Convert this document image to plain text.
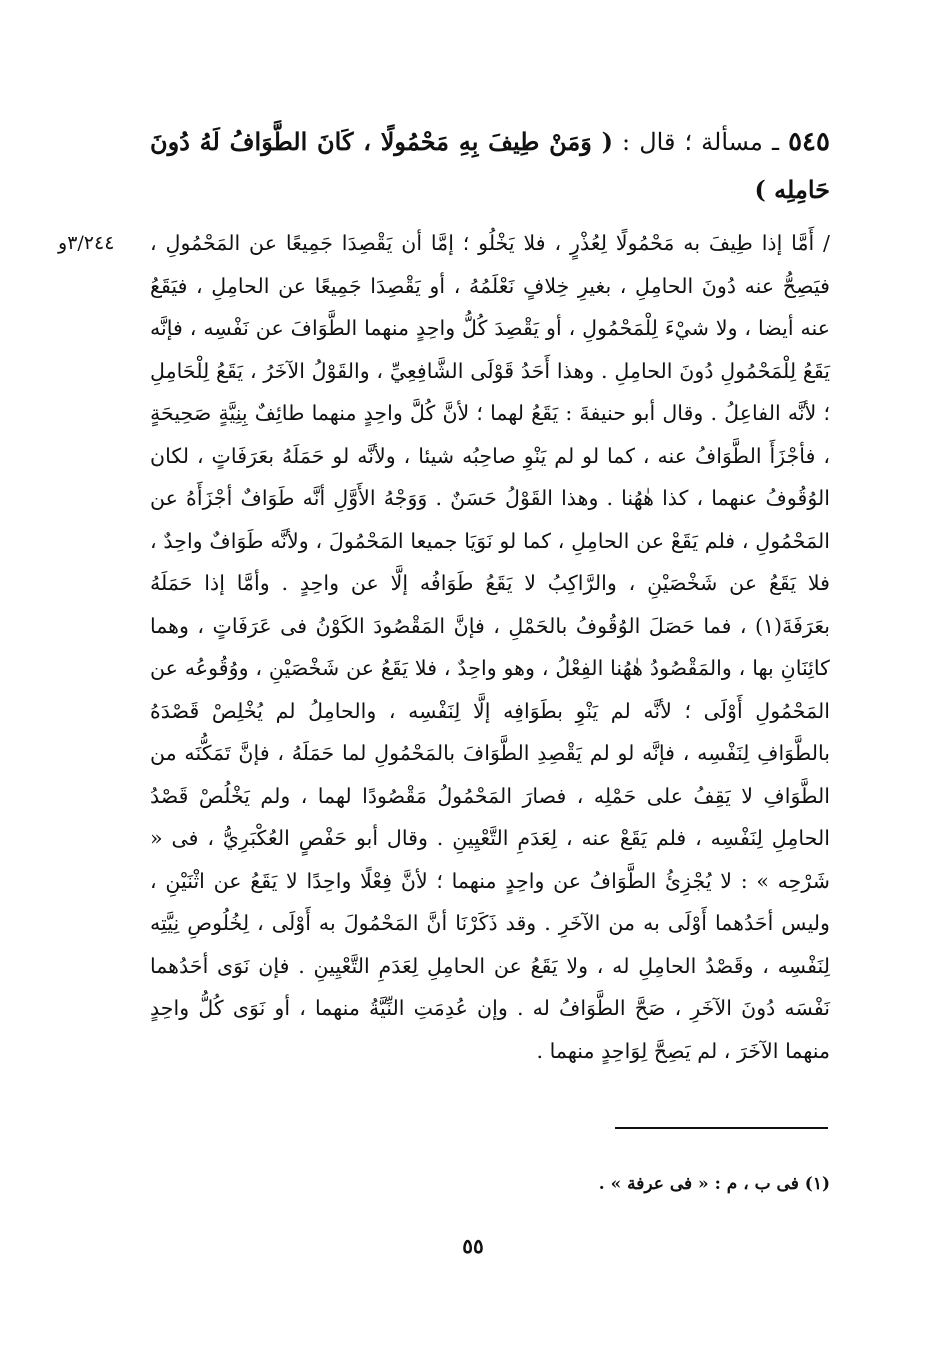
٥٤٥ ـ مسألة ؛ قال : ( وَمَنْ طِيفَ بِهِ مَحْمُولًا ، كَانَ الطَّوَافُ لَهُ دُونَ حَامِلِه )
٣/٢٤٤و	/ أَمَّا إذا طِيفَ به مَحْمُولًا لِعُذْرٍ ، فلا يَخْلُو ؛ إمَّا أن يَقْصِدَا جَمِيعًا عن المَحْمُولِ ، فيَصِحُّ عنه دُونَ الحامِلِ ، بغيرِ خِلافٍ نَعْلَمُهُ ، أو يَقْصِدَا جَمِيعًا عن الحامِلِ ، فيَقَعُ عنه أيضا ، ولا شيْءَ لِلْمَحْمُولِ ، أو يَقْصِدَ كُلُّ واحِدٍ منهما الطَّوَافَ عن نَفْسِه ، فإنَّه يَقَعُ لِلْمَحْمُولِ دُونَ الحامِلِ . وهذا أَحَدُ قَوْلَى الشَّافِعِيِّ ، والقَوْلُ الآخَرُ ، يَقَعُ لِلْحَامِلِ ؛ لأنَّه الفاعِلُ . وقال أبو حنيفةَ : يَقَعُ لهما ؛ لأنَّ كُلَّ واحِدٍ منهما طائِفٌ بِنِيَّةٍ صَحِيحَةٍ ، فأجْزَأَ الطَّوَافُ عنه ، كما لو لم يَنْوِ صاحِبُه شيئا ، ولأنَّه لو حَمَلَهُ بعَرَفَاتٍ ، لكان الوُقُوفُ عنهما ، كذا هٰهُنا . وهذا القَوْلُ حَسَنٌ . وَوَجْهُ الأَوَّلِ أنَّه طَوَافٌ أجْزَأَهُ عن المَحْمُولِ ، فلم يَقَعْ عن الحامِلِ ، كما لو نَوَيَا جميعا المَحْمُولَ ، ولأنَّه طَوَافٌ واحِدٌ ، فلا يَقَعُ عن شَخْصَيْنِ ، والرَّاكِبُ لا يَقَعُ طَوَافُه إلَّا عن واحِدٍ . وأمَّا إذا حَمَلَهُ بعَرَفَةَ(١) ، فما حَصَلَ الوُقُوفُ بالحَمْلِ ، فإنَّ المَقْصُودَ الكَوْنُ فى عَرَفَاتٍ ، وهما كائِنَانِ بها ، والمَقْصُودُ هٰهُنا الفِعْلُ ، وهو واحِدٌ ، فلا يَقَعُ عن شَخْصَيْنِ ، ووُقُوعُه عن المَحْمُولِ أَوْلَى ؛ لأنَّه لم يَنْوِ بطَوَافِه إلَّا لِنَفْسِه ، والحامِلُ لم يُخْلِصْ قَصْدَهُ بالطَّوَافِ لِنَفْسِه ، فإنَّه لو لم يَقْصِدِ الطَّوَافَ بالمَحْمُولِ لما حَمَلَهُ ، فإنَّ تَمَكُّنَه من الطَّوَافِ لا يَقِفُ على حَمْلِه ، فصارَ المَحْمُولُ مَقْصُودًا لهما ، ولم يَخْلُصْ قَصْدُ الحامِلِ لِنَفْسِه ، فلم يَقَعْ عنه ، لِعَدَمِ التَّعْيِينِ . وقال أبو حَفْصٍ العُكْبَرِيُّ ، فى « شَرْحِه » : لا يُجْزِئُ الطَّوَافُ عن واحِدٍ منهما ؛ لأنَّ فِعْلًا واحِدًا لا يَقَعُ عن اثْنَيْنِ ، وليس أحَدُهما أَوْلَى به من الآخَرِ . وقد ذَكَرْنَا أنَّ المَحْمُولَ به أَوْلَى ، لِخُلُوصِ نِيَّتِه لِنَفْسِه ، وقَصْدُ الحامِلِ له ، ولا يَقَعُ عن الحامِلِ لِعَدَمِ التَّعْيِينِ . فإن نَوَى أحَدُهما نَفْسَه دُونَ الآخَرِ ، صَحَّ الطَّوَافُ له . وإن عُدِمَتِ النِّيَّةُ منهما ، أو نَوَى كُلُّ واحِدٍ منهما الآخَرَ ، لم يَصِحَّ لِوَاحِدٍ منهما .
(١) فى ب ، م : « فى عرفة » .
٥٥
